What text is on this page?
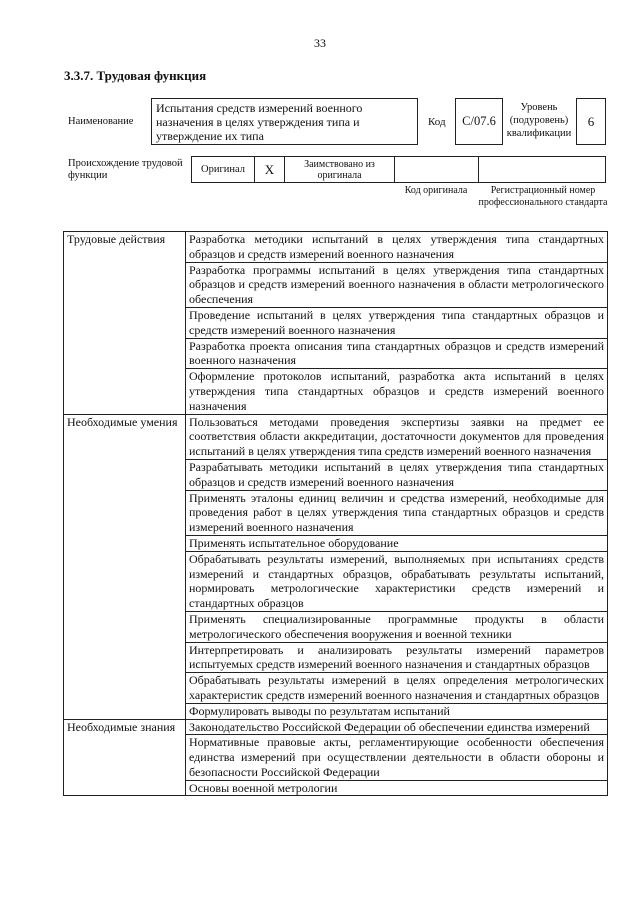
33
3.3.7. Трудовая функция
Наименование
Испытания средств измерений военного назначения в целях утверждения типа и утверждение их типа
Код	C/07.6
Уровень (подуровень) квалификации
6
Происхождение трудовой функции
Оригинал	X	Заимствовано из оригинала
Код оригинала	Регистрационный номер профессионального стандарта
Трудовые действия	Разработка методики испытаний в целях утверждения типа стандартных образцов и средств измерений военного назначения
	Разработка программы испытаний в целях утверждения типа стандартных образцов и средств измерений военного назначения в области метрологического обеспечения
	Проведение испытаний в целях утверждения типа стандартных образцов и средств измерений военного назначения
	Разработка проекта описания типа стандартных образцов и средств измерений военного назначения
	Оформление протоколов испытаний, разработка акта испытаний в целях утверждения типа стандартных образцов и средств измерений военного назначения
Необходимые умения	Пользоваться методами проведения экспертизы заявки на предмет ее соответствия области аккредитации, достаточности документов для проведения испытаний в целях утверждения типа средств измерений военного назначения
	Разрабатывать методики испытаний в целях утверждения типа стандартных образцов и средств измерений военного назначения
	Применять эталоны единиц величин и средства измерений, необходимые для проведения работ в целях утверждения типа стандартных образцов и средств измерений военного назначения
	Применять испытательное оборудование
	Обрабатывать результаты измерений, выполняемых при испытаниях средств измерений и стандартных образцов, обрабатывать результаты испытаний, нормировать метрологические характеристики средств измерений и стандартных образцов
	Применять специализированные программные продукты в области метрологического обеспечения вооружения и военной техники
	Интерпретировать и анализировать результаты измерений параметров испытуемых средств измерений военного назначения и стандартных образцов
	Обрабатывать результаты измерений в целях определения метрологических характеристик средств измерений военного назначения и стандартных образцов
	Формулировать выводы по результатам испытаний
Необходимые знания	Законодательство Российской Федерации об обеспечении единства измерений
	Нормативные правовые акты, регламентирующие особенности обеспечения единства измерений при осуществлении деятельности в области обороны и безопасности Российской Федерации
	Основы военной метрологии
